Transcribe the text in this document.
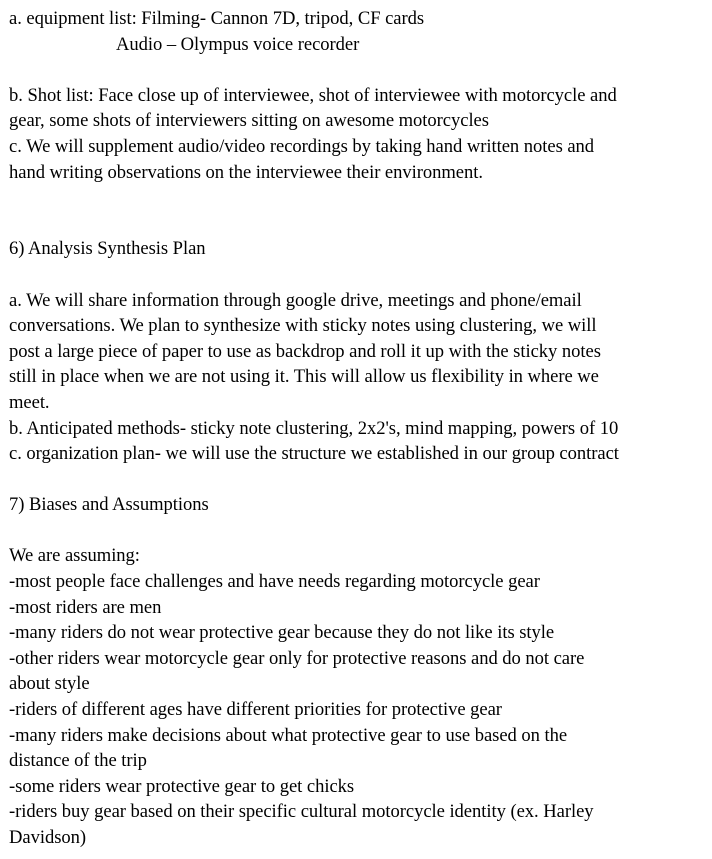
a. equipment list: Filming- Cannon 7D, tripod, CF cards
Audio – Olympus voice recorder
b. Shot list: Face close up of interviewee, shot of interviewee with motorcycle and
gear, some shots of interviewers sitting on awesome motorcycles
c. We will supplement audio/video recordings by taking hand written notes and
hand writing observations on the interviewee their environment.
6) Analysis Synthesis Plan
a. We will share information through google drive, meetings and phone/email
conversations. We plan to synthesize with sticky notes using clustering, we will
post a large piece of paper to use as backdrop and roll it up with the sticky notes
still in place when we are not using it. This will allow us flexibility in where we
meet.
b. Anticipated methods- sticky note clustering, 2x2's, mind mapping, powers of 10
c. organization plan- we will use the structure we established in our group contract
7) Biases and Assumptions
We are assuming:
-most people face challenges and have needs regarding motorcycle gear
-most riders are men
-many riders do not wear protective gear because they do not like its style
-other riders wear motorcycle gear only for protective reasons and do not care
about style
-riders of different ages have different priorities for protective gear
-many riders make decisions about what protective gear to use based on the
distance of the trip
-some riders wear protective gear to get chicks
-riders buy gear based on their specific cultural motorcycle identity (ex. Harley
Davidson)
